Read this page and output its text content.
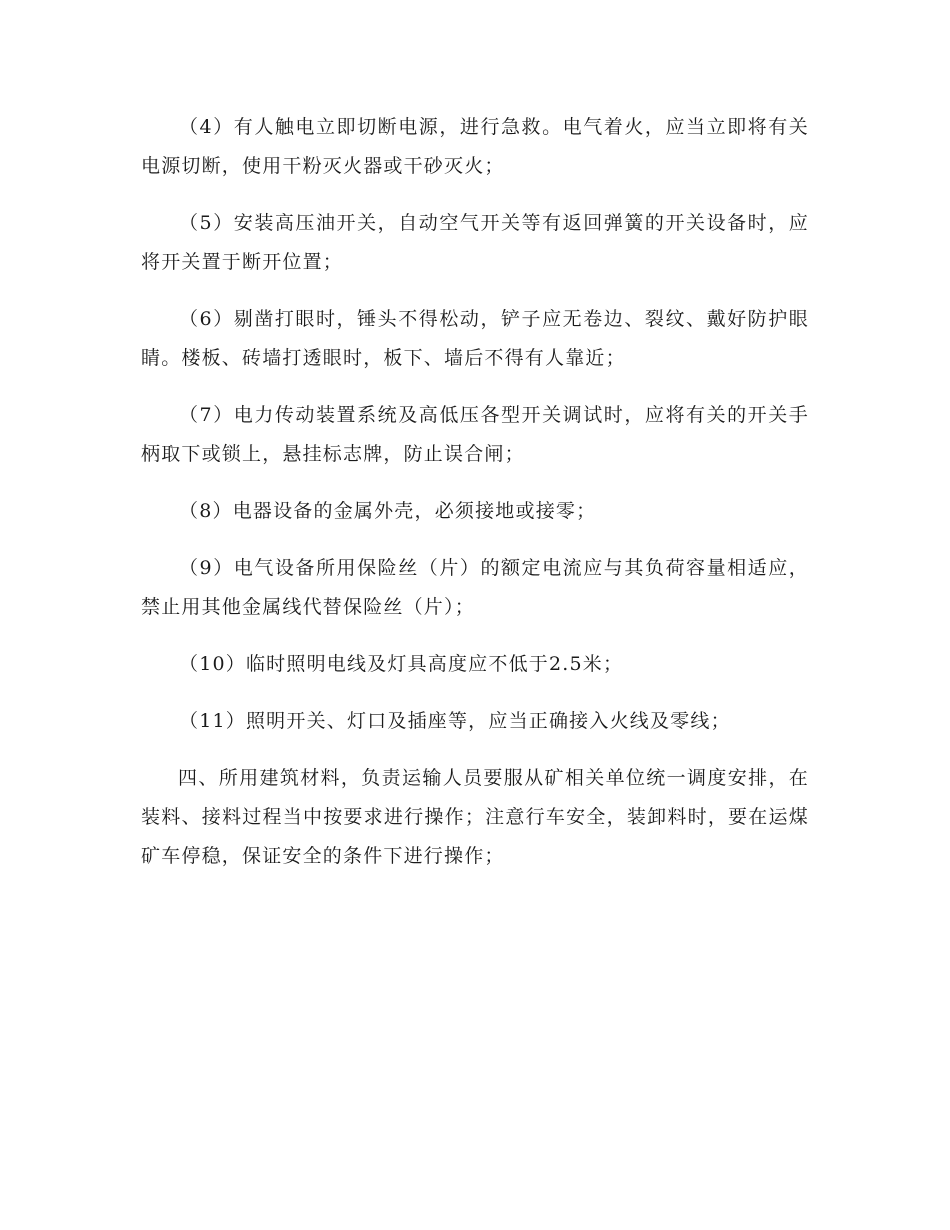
（4）有人触电立即切断电源，进行急救。电气着火，应当立即将有关电源切断，使用干粉灭火器或干砂灭火；

（5）安装高压油开关，自动空气开关等有返回弹簧的开关设备时，应将开关置于断开位置；

（6）剔凿打眼时，锤头不得松动，铲子应无卷边、裂纹、戴好防护眼睛。楼板、砖墙打透眼时，板下、墙后不得有人靠近；

（7）电力传动装置系统及高低压各型开关调试时，应将有关的开关手柄取下或锁上，悬挂标志牌，防止误合闸；

（8）电器设备的金属外壳，必须接地或接零；

（9）电气设备所用保险丝（片）的额定电流应与其负荷容量相适应，禁止用其他金属线代替保险丝（片）；

（10）临时照明电线及灯具高度应不低于2.5米；

（11）照明开关、灯口及插座等，应当正确接入火线及零线；

四、所用建筑材料，负责运输人员要服从矿相关单位统一调度安排，在装料、接料过程当中按要求进行操作；注意行车安全，装卸料时，要在运煤矿车停稳，保证安全的条件下进行操作；
